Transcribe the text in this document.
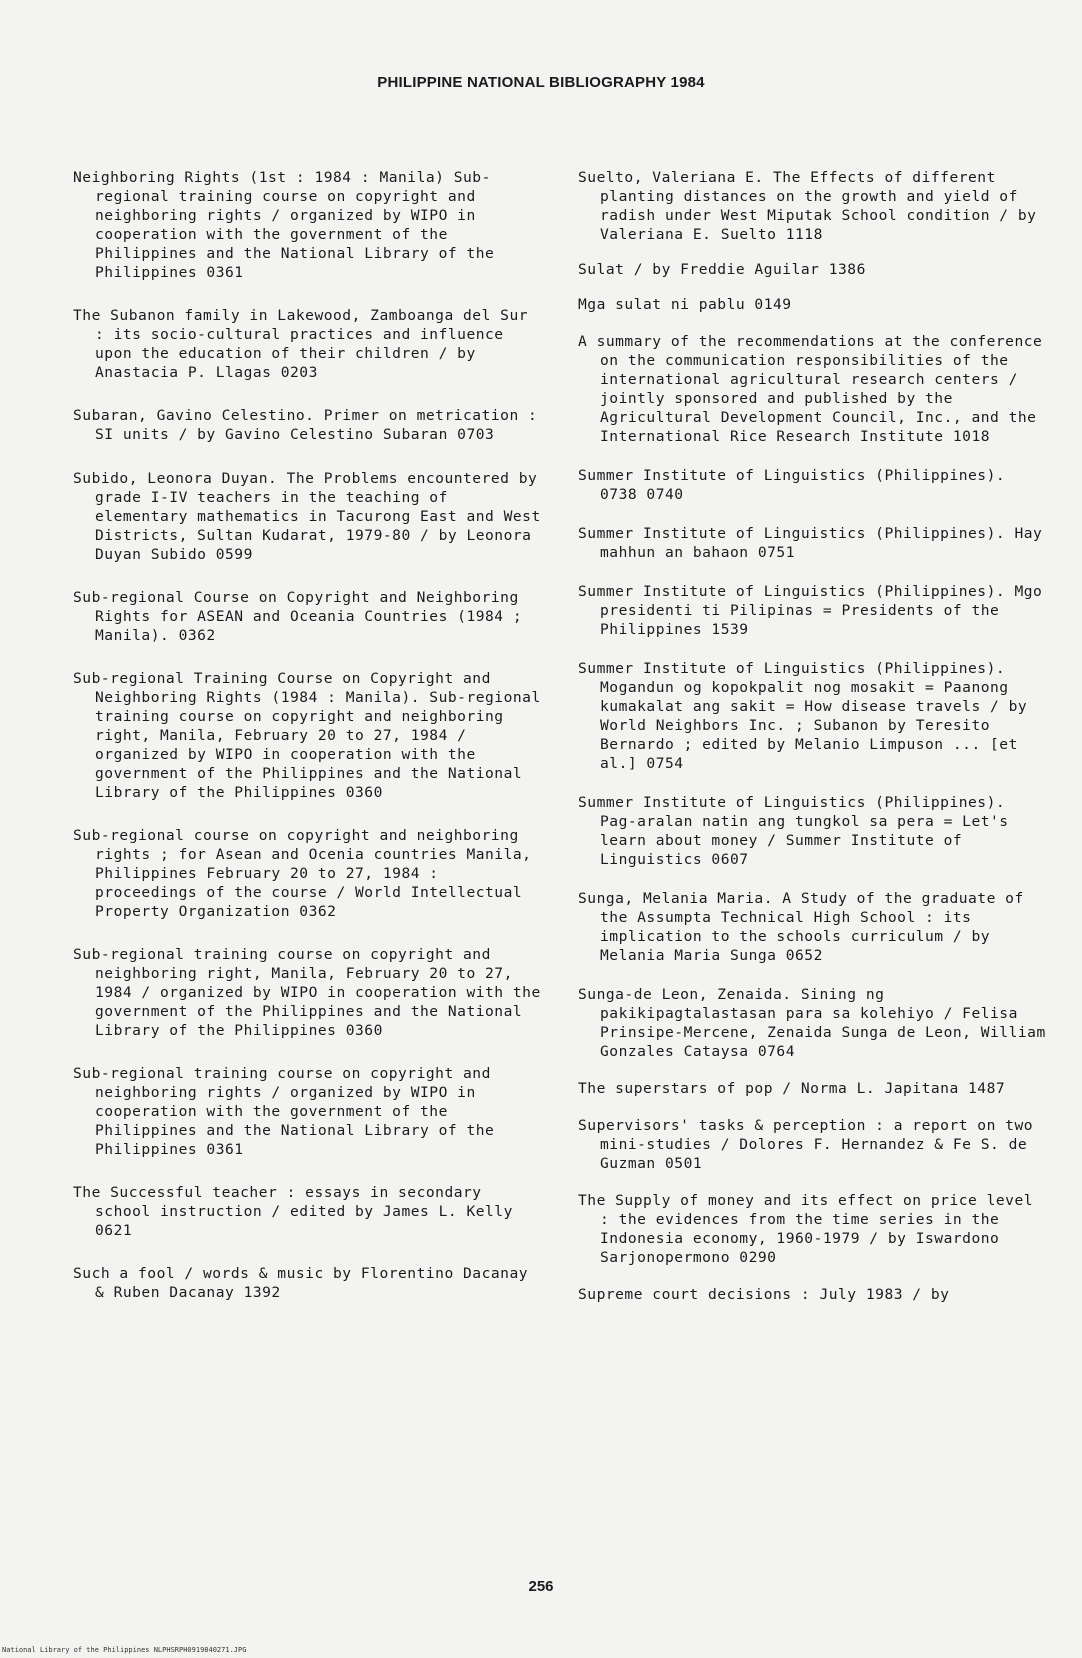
PHILIPPINE NATIONAL BIBLIOGRAPHY 1984

Neighboring Rights (1st : 1984 : Manila) Sub-regional training course on copyright and neighboring rights / organized by WIPO in cooperation with the government of the Philippines and the National Library of the Philippines 0361

The Subanon family in Lakewood, Zamboanga del Sur : its socio-cultural practices and influence upon the education of their children / by Anastacia P. Llagas 0203

Subaran, Gavino Celestino. Primer on metrication : SI units / by Gavino Celestino Subaran 0703

Subido, Leonora Duyan. The Problems encountered by grade I-IV teachers in the teaching of elementary mathematics in Tacurong East and West Districts, Sultan Kudarat, 1979-80 / by Leonora Duyan Subido 0599

Sub-regional Course on Copyright and Neighboring Rights for ASEAN and Oceania Countries (1984 ; Manila). 0362

Sub-regional Training Course on Copyright and Neighboring Rights (1984 : Manila). Sub-regional training course on copyright and neighboring right, Manila, February 20 to 27, 1984 / organized by WIPO in cooperation with the government of the Philippines and the National Library of the Philippines 0360

Sub-regional course on copyright and neighboring rights ; for Asean and Ocenia countries Manila, Philippines February 20 to 27, 1984 : proceedings of the course / World Intellectual Property Organization 0362

Sub-regional training course on copyright and neighboring right, Manila, February 20 to 27, 1984 / organized by WIPO in cooperation with the government of the Philippines and the National Library of the Philippines 0360

Sub-regional training course on copyright and neighboring rights / organized by WIPO in cooperation with the government of the Philippines and the National Library of the Philippines 0361

The Successful teacher : essays in secondary school instruction / edited by James L. Kelly 0621

Such a fool / words & music by Florentino Dacanay & Ruben Dacanay 1392

Suelto, Valeriana E. The Effects of different planting distances on the growth and yield of radish under West Miputak School condition / by Valeriana E. Suelto 1118

Sulat / by Freddie Aguilar 1386

Mga sulat ni pablu 0149

A summary of the recommendations at the conference on the communication responsibilities of the international agricultural research centers / jointly sponsored and published by the Agricultural Development Council, Inc., and the International Rice Research Institute 1018

Summer Institute of Linguistics (Philippines). 0738 0740

Summer Institute of Linguistics (Philippines). Hay mahhun an bahaon 0751

Summer Institute of Linguistics (Philippines). Mgo presidenti ti Pilipinas = Presidents of the Philippines 1539

Summer Institute of Linguistics (Philippines). Mogandun og kopokpalit nog mosakit = Paanong kumakalat ang sakit = How disease travels / by World Neighbors Inc. ; Subanon by Teresito Bernardo ; edited by Melanio Limpuson ... [et al.] 0754

Summer Institute of Linguistics (Philippines). Pag-aralan natin ang tungkol sa pera = Let's learn about money / Summer Institute of Linguistics 0607

Sunga, Melania Maria. A Study of the graduate of the Assumpta Technical High School : its implication to the schools curriculum / by Melania Maria Sunga 0652

Sunga-de Leon, Zenaida. Sining ng pakikipagtalastasan para sa kolehiyo / Felisa Prinsipe-Mercene, Zenaida Sunga de Leon, William Gonzales Cataysa 0764

The superstars of pop / Norma L. Japitana 1487

Supervisors' tasks & perception : a report on two mini-studies / Dolores F. Hernandez & Fe S. de Guzman 0501

The Supply of money and its effect on price level : the evidences from the time series in the Indonesia economy, 1960-1979 / by Iswardono Sarjonopermono 0290

Supreme court decisions : July 1983 / by

256
National Library of the Philippines NLPHSRPH0919840271.JPG
